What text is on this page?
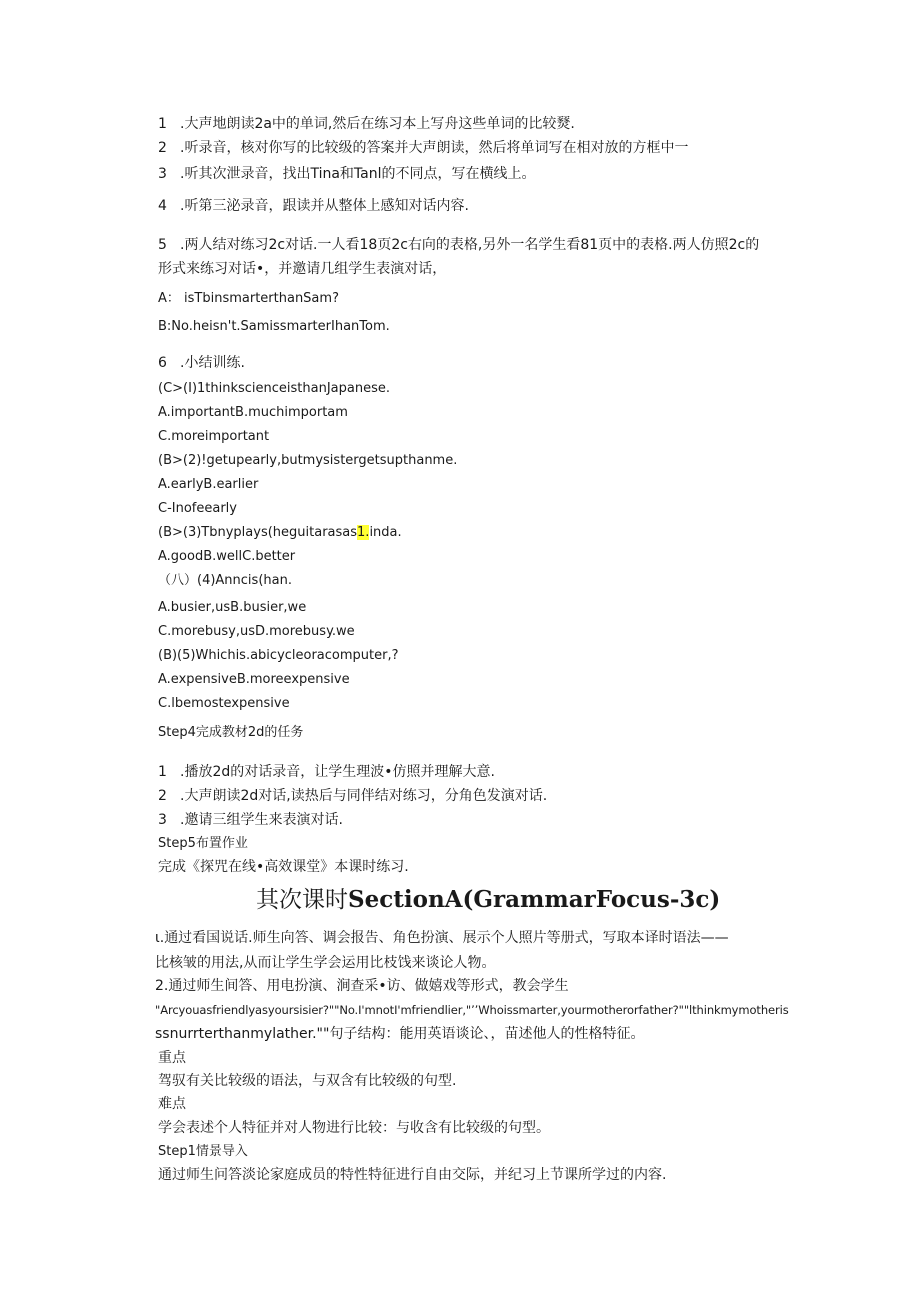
1 .大声地朗读2a中的单词,然后在练习本上写舟这些单词的比较燹.
2 .听录音，核对你写的比较级的答案并大声朗读，然后将单词写在相对放的方框中一
3 .听其次泄录音，找出Tina和Tanl的不同点，写在横线上。
4 .听第三泌录音，跟读并从整体上感知对话内容.
5 .两人结对练习2c对话.一人看18页2c右向的表格,另外一名学生看81页中的表格.两人仿照2c的
形式来练习对话•，并邀请几组学生表演对话，
A： isTbinsmarterthanSam?
B:No.heisn't.SamissmarterIhanTom.
6 .小结训练.
(C>(I)1thinkscienceisthanJapanese.
A.importantB.muchimportam
C.moreimportant
(B>(2)!getupearly,butmysistergetsupthanme.
A.earlyB.earlier
C-Inofeearly
(B>(3)Tbnyplays(heguitarasas1.inda.
A.goodB.wellC.better
（八）(4)Anncis(han.
A.busier,usB.busier,we
C.morebusy,usD.morebusy.we
(B)(5)Whichis.abicycleoracomputer,?
A.expensiveB.moreexpensive
C.lbemostexpensive
Step4完成教材2d的任务
1 .播放2d的对话录音，让学生理波•仿照并理解大意.
2 .大声朗读2d对话,读热后与同伴结对练习，分角色发演对话.
3 .邀请三组学生来表演对话.
Step5布置作业
完成《探咒在线•高效课堂》本课时练习.
其次课时SectionA(GrammarFocus-3c)
ι.通过看国说话.师生向答、调会报告、角色扮演、展示个人照片等册式，写取本译时语法——
比核皱的用法,从而让学生学会运用比枝饯来谈论人物。
2.通过师生间答、用电扮演、涧查采•访、做嬉戏等形式，教会学生
"Arcyouasfriendlyasyoursisier?""No.I'mnotI'mfriendlier,"ʼʼWhoissmarter,yourmotherorfather?""lthinkmymotheris
ssnurrterthanmylather.""句子结构：能用英语谈论、，苗述他人的性格特征。
重点
驾驭有关比较级的语法，与双含有比较级的句型.
难点
学会表述个人特征并对人物进行比较：与收含有比较级的句型。
Step1情景导入
通过师生问答淡论家庭成员的特性特征进行自由交际，并纪习上节课所学过的内容.
